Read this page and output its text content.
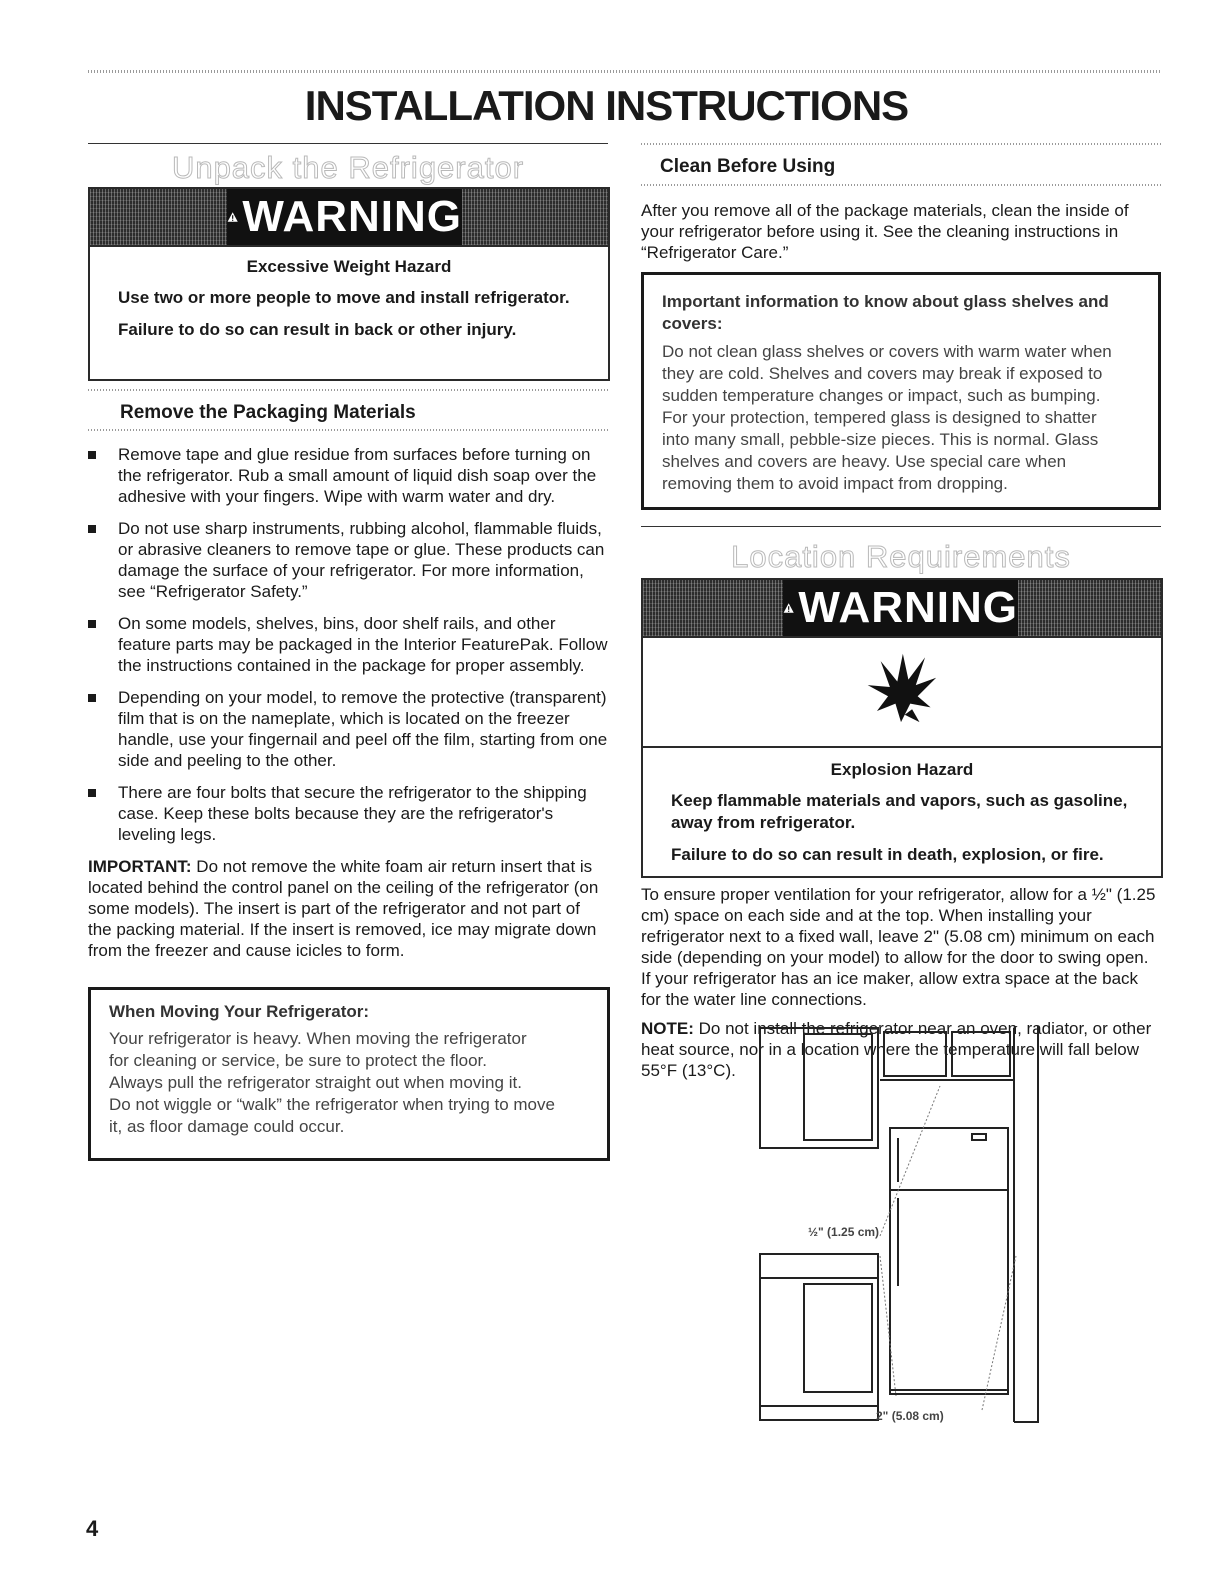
INSTALLATION INSTRUCTIONS
Unpack the Refrigerator
WARNING
Excessive Weight Hazard

Use two or more people to move and install refrigerator.

Failure to do so can result in back or other injury.

Remove the Packaging Materials
Remove tape and glue residue from surfaces before turning on the refrigerator. Rub a small amount of liquid dish soap over the adhesive with your fingers. Wipe with warm water and dry.
Do not use sharp instruments, rubbing alcohol, flammable fluids, or abrasive cleaners to remove tape or glue. These products can damage the surface of your refrigerator. For more information, see “Refrigerator Safety.”
On some models, shelves, bins, door shelf rails, and other feature parts may be packaged in the Interior FeaturePak. Follow the instructions contained in the package for proper assembly.
Depending on your model, to remove the protective (transparent) film that is on the nameplate, which is located on the freezer handle, use your fingernail and peel off the film, starting from one side and peeling to the other.
There are four bolts that secure the refrigerator to the shipping case. Keep these bolts because they are the refrigerator's leveling legs.

IMPORTANT: Do not remove the white foam air return insert that is located behind the control panel on the ceiling of the refrigerator (on some models). The insert is part of the refrigerator and not part of the packing material. If the insert is removed, ice may migrate down from the freezer and cause icicles to form.

When Moving Your Refrigerator:

Your refrigerator is heavy. When moving the refrigerator

for cleaning or service, be sure to protect the floor.

Always pull the refrigerator straight out when moving it.

Do not wiggle or “walk” the refrigerator when trying to move

it, as floor damage could occur.

Clean Before Using

After you remove all of the package materials, clean the inside of your refrigerator before using it. See the cleaning instructions in “Refrigerator Care.”

Important information to know about glass shelves and covers:

Do not clean glass shelves or covers with warm water when

they are cold. Shelves and covers may break if exposed to

sudden temperature changes or impact, such as bumping.

For your protection, tempered glass is designed to shatter

into many small, pebble-size pieces. This is normal. Glass

shelves and covers are heavy. Use special care when

removing them to avoid impact from dropping.

Location Requirements
WARNING
Explosion Hazard

Keep flammable materials and vapors, such as gasoline, away from refrigerator.

Failure to do so can result in death, explosion, or fire.

To ensure proper ventilation for your refrigerator, allow for a ½" (1.25 cm) space on each side and at the top. When installing your refrigerator next to a fixed wall, leave 2" (5.08 cm) minimum on each side (depending on your model) to allow for the door to swing open. If your refrigerator has an ice maker, allow extra space at the back for the water line connections.

NOTE: Do not install the refrigerator near an oven, radiator, or other heat source, nor in a location where the temperature will fall below 55°F (13°C).

½" (1.25 cm)
2" (5.08 cm)

4
